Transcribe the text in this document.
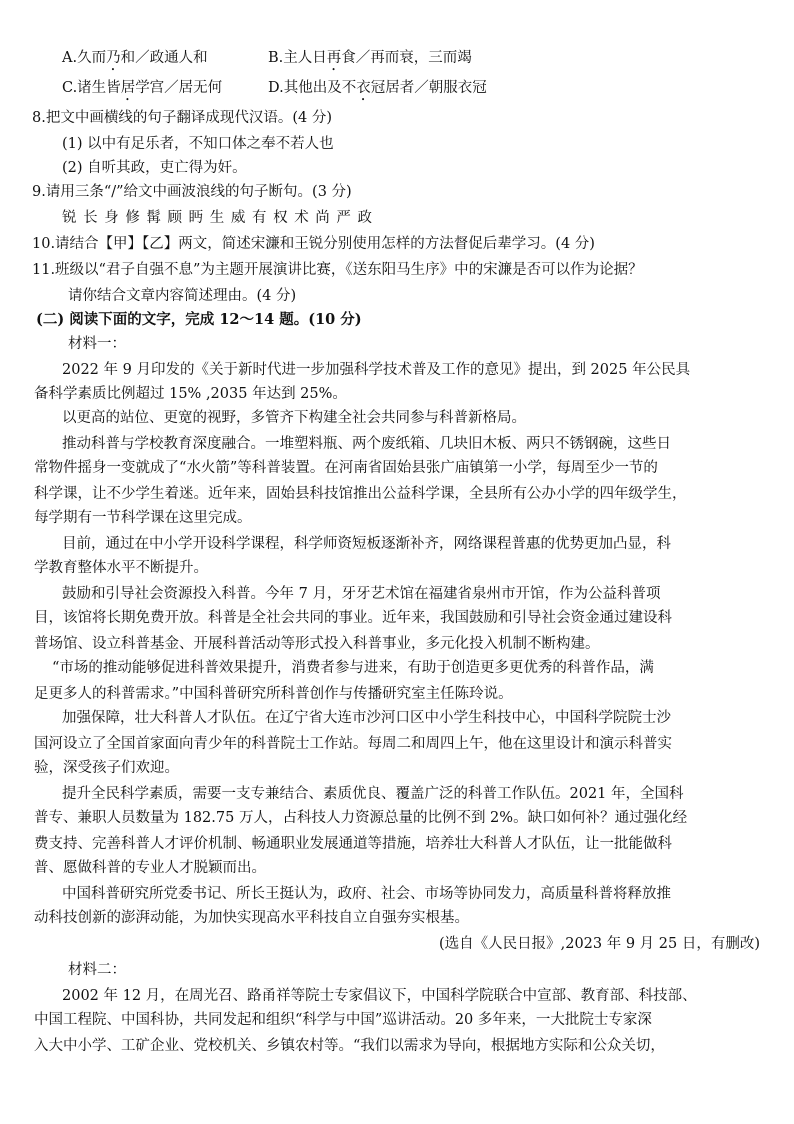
A.久而乃和／政通人和	B.主人日再食／再而衰，三而竭
C.诸生皆居学宫／居无何	D.其他出及不衣冠居者／朝服衣冠
8.把文中画横线的句子翻译成现代汉语。(4 分)
(1) 以中有足乐者，不知口体之奉不若人也
(2) 自听其政，吏亡得为奸。
9.请用三条“/”给文中画波浪线的句子断句。(3 分)
锐 长 身 修 髯 顾 眄 生 威 有 权 术 尚 严 政
10.请结合【甲】【乙】两文，简述宋濂和王锐分别使用怎样的方法督促后辈学习。(4 分)
11.班级以“君子自强不息”为主题开展演讲比赛，《送东阳马生序》中的宋濂是否可以作为论据？
请你结合文章内容简述理由。(4 分)
(二) 阅读下面的文字，完成 12～14 题。(10 分)
材料一：
2022 年 9 月印发的《关于新时代进一步加强科学技术普及工作的意见》提出，到 2025 年公民具
备科学素质比例超过 15% ,2035 年达到 25%。
以更高的站位、更宽的视野，多管齐下构建全社会共同参与科普新格局。
推动科普与学校教育深度融合。一堆塑料瓶、两个废纸箱、几块旧木板、两只不锈钢碗，这些日
常物件摇身一变就成了“水火箭”等科普装置。在河南省固始县张广庙镇第一小学，每周至少一节的
科学课，让不少学生着迷。近年来，固始县科技馆推出公益科学课，全县所有公办小学的四年级学生，
每学期有一节科学课在这里完成。
目前，通过在中小学开设科学课程，科学师资短板逐渐补齐，网络课程普惠的优势更加凸显，科
学教育整体水平不断提升。
鼓励和引导社会资源投入科普。今年 7 月，牙牙艺术馆在福建省泉州市开馆，作为公益科普项
目，该馆将长期免费开放。科普是全社会共同的事业。近年来，我国鼓励和引导社会资金通过建设科
普场馆、设立科普基金、开展科普活动等形式投入科普事业，多元化投入机制不断构建。
“市场的推动能够促进科普效果提升，消费者参与进来，有助于创造更多更优秀的科普作品，满
足更多人的科普需求。”中国科普研究所科普创作与传播研究室主任陈玲说。
加强保障，壮大科普人才队伍。在辽宁省大连市沙河口区中小学生科技中心，中国科学院院士沙
国河设立了全国首家面向青少年的科普院士工作站。每周二和周四上午，他在这里设计和演示科普实
验，深受孩子们欢迎。
提升全民科学素质，需要一支专兼结合、素质优良、覆盖广泛的科普工作队伍。2021 年，全国科
普专、兼职人员数量为 182.75 万人，占科技人力资源总量的比例不到 2%。缺口如何补？通过强化经
费支持、完善科普人才评价机制、畅通职业发展通道等措施，培养壮大科普人才队伍，让一批能做科
普、愿做科普的专业人才脱颖而出。
中国科普研究所党委书记、所长王挺认为，政府、社会、市场等协同发力，高质量科普将释放推
动科技创新的澎湃动能，为加快实现高水平科技自立自强夯实根基。
(选自《人民日报》,2023 年 9 月 25 日，有删改)
材料二：
2002 年 12 月，在周光召、路甬祥等院士专家倡议下，中国科学院联合中宣部、教育部、科技部、
中国工程院、中国科协，共同发起和组织“科学与中国”巡讲活动。20 多年来，一大批院士专家深
入大中小学、工矿企业、党校机关、乡镇农村等。“我们以需求为导向，根据地方实际和公众关切，
